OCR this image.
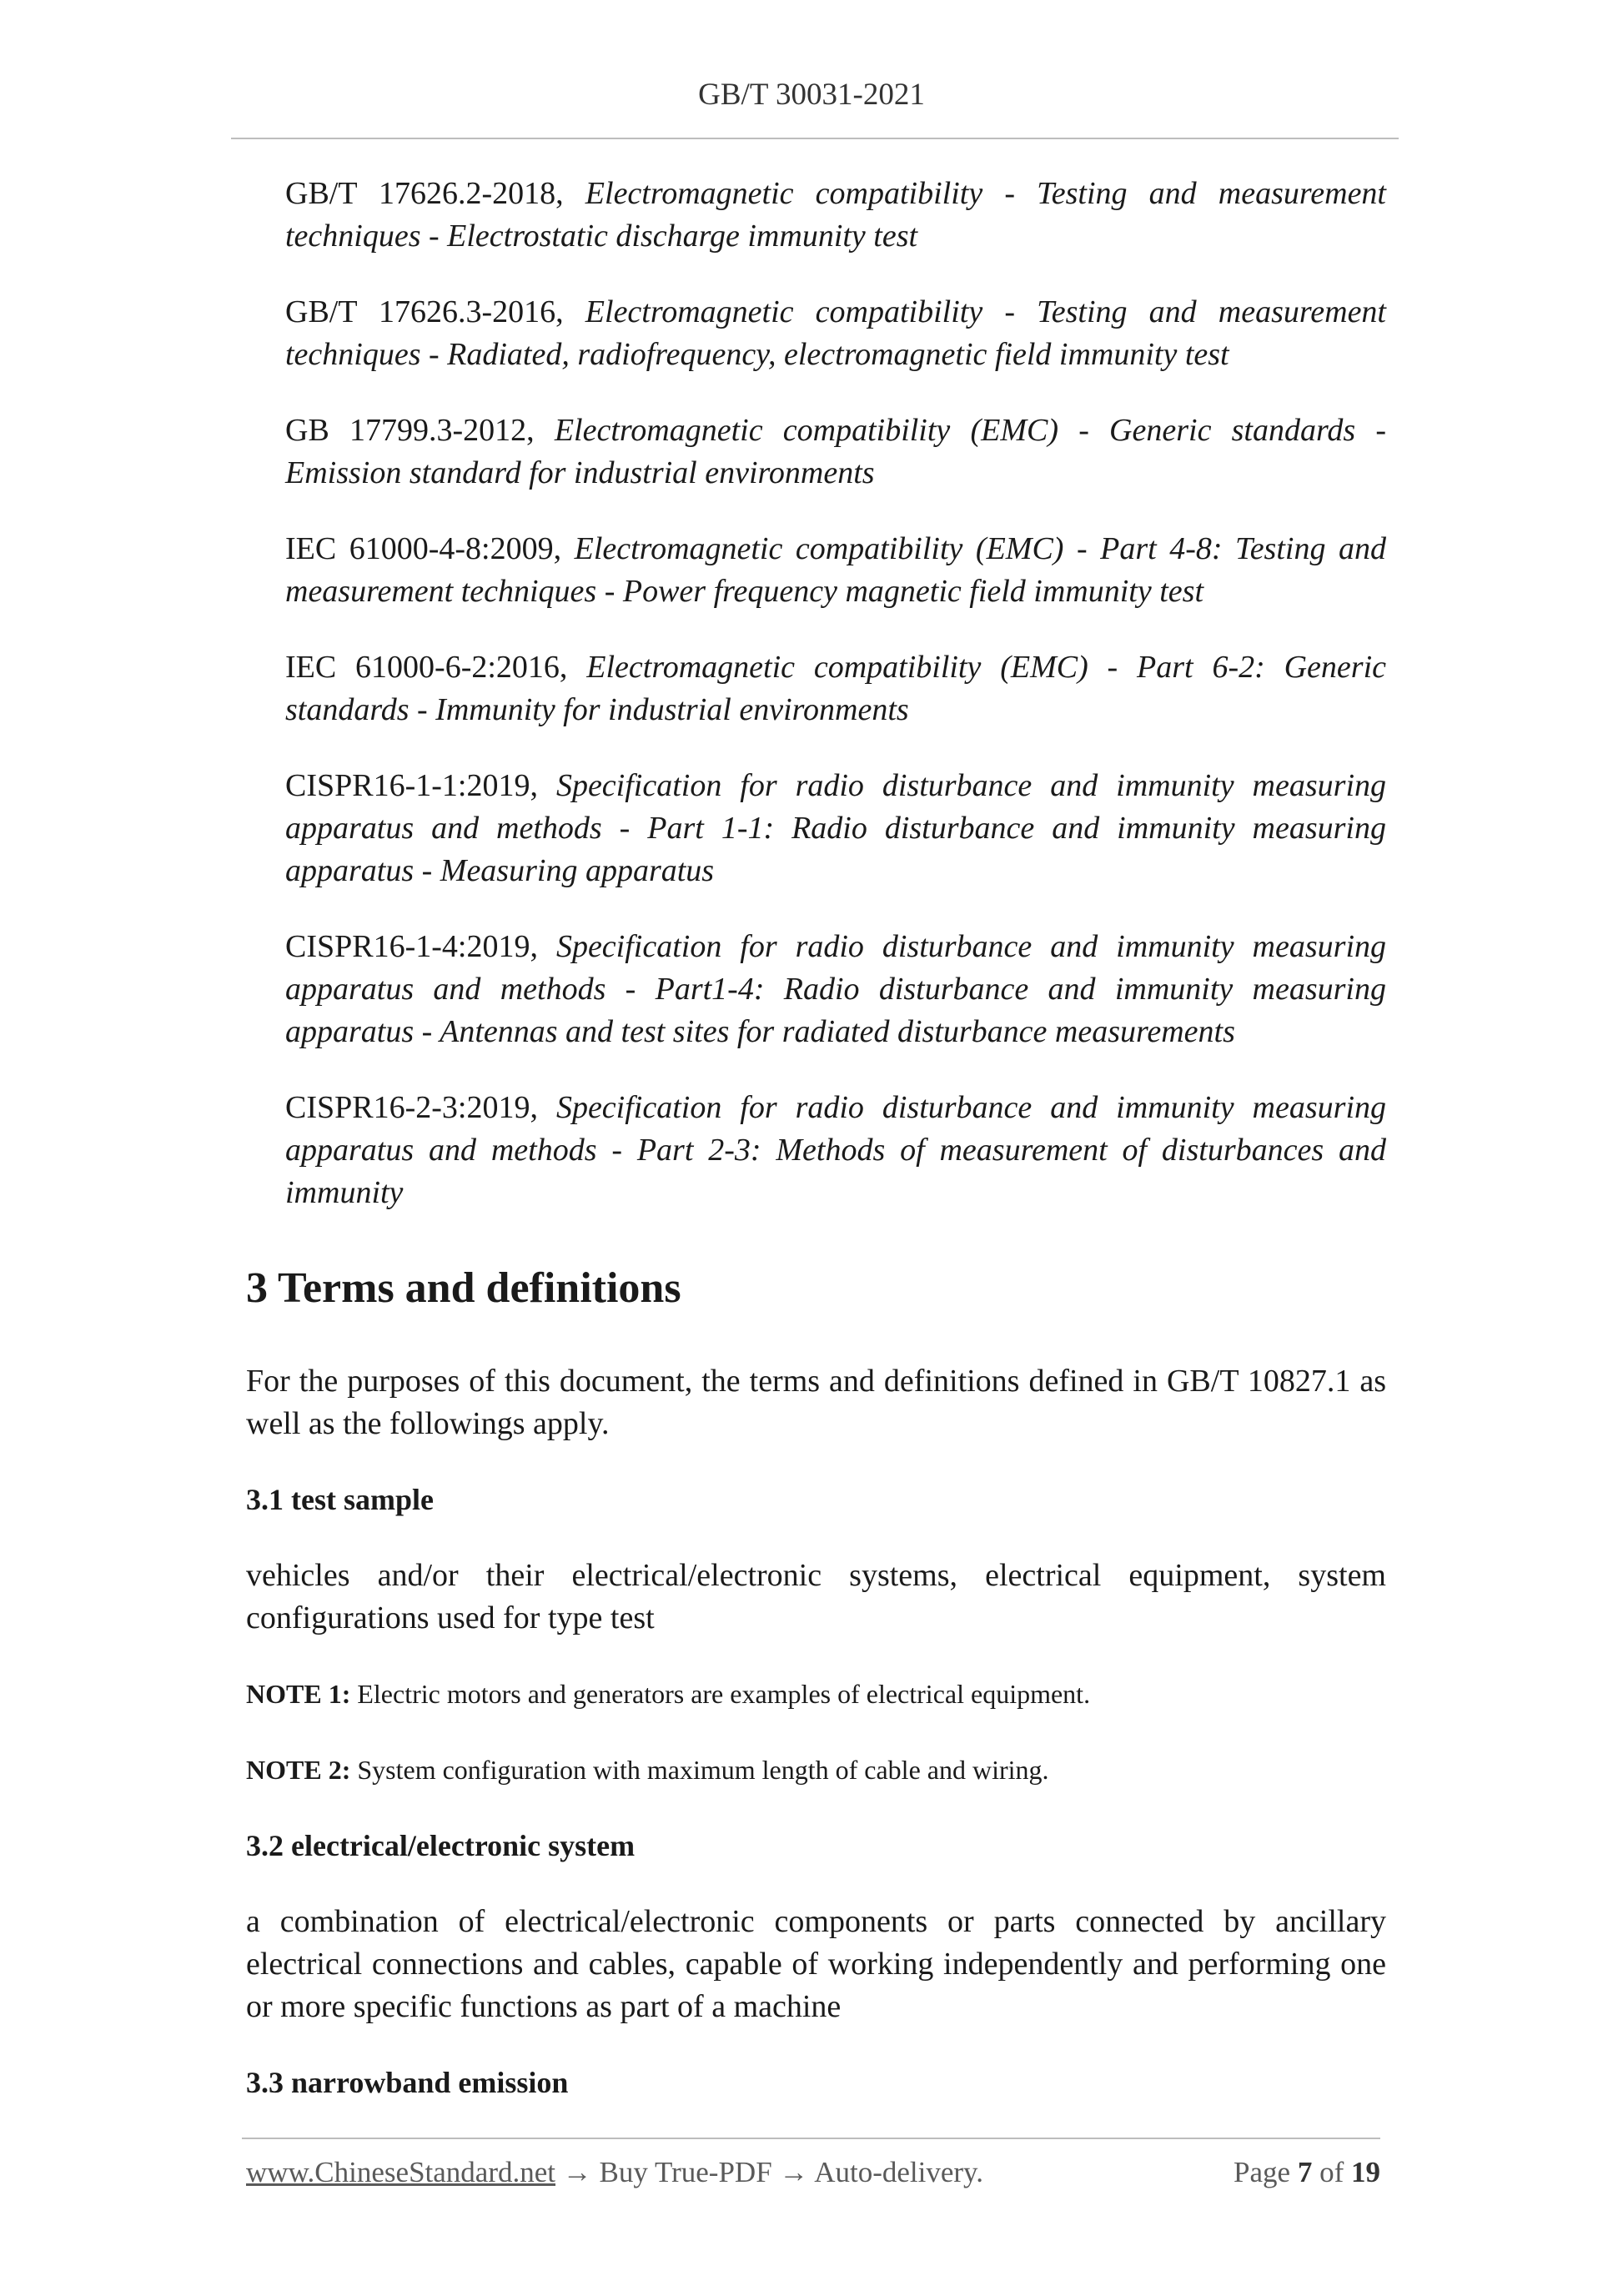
GB/T 30031-2021

GB/T 17626.2-2018, Electromagnetic compatibility - Testing and measurement techniques - Electrostatic discharge immunity test

GB/T 17626.3-2016, Electromagnetic compatibility - Testing and measurement techniques - Radiated, radiofrequency, electromagnetic field immunity test

GB 17799.3-2012, Electromagnetic compatibility (EMC) - Generic standards - Emission standard for industrial environments

IEC 61000-4-8:2009, Electromagnetic compatibility (EMC) - Part 4-8: Testing and measurement techniques - Power frequency magnetic field immunity test

IEC 61000-6-2:2016, Electromagnetic compatibility (EMC) - Part 6-2: Generic standards - Immunity for industrial environments

CISPR16-1-1:2019, Specification for radio disturbance and immunity measuring apparatus and methods - Part 1-1: Radio disturbance and immunity measuring apparatus - Measuring apparatus

CISPR16-1-4:2019, Specification for radio disturbance and immunity measuring apparatus and methods - Part1-4: Radio disturbance and immunity measuring apparatus - Antennas and test sites for radiated disturbance measurements

CISPR16-2-3:2019, Specification for radio disturbance and immunity measuring apparatus and methods - Part 2-3: Methods of measurement of disturbances and immunity

3 Terms and definitions

For the purposes of this document, the terms and definitions defined in GB/T 10827.1 as well as the followings apply.

3.1 test sample

vehicles and/or their electrical/electronic systems, electrical equipment, system configurations used for type test

NOTE 1: Electric motors and generators are examples of electrical equipment.

NOTE 2: System configuration with maximum length of cable and wiring.

3.2 electrical/electronic system

a combination of electrical/electronic components or parts connected by ancillary electrical connections and cables, capable of working independently and performing one or more specific functions as part of a machine

3.3 narrowband emission
www.ChineseStandard.net → Buy True-PDF → Auto-delivery.	Page 7 of 19
